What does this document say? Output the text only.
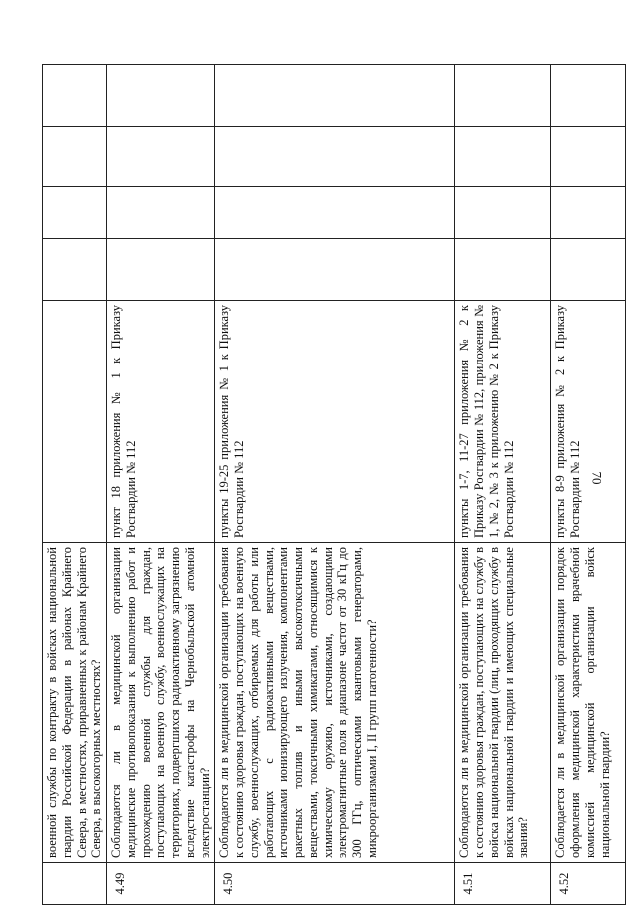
70
	военной службы по контракту в войсках национальной гвардии Российской Федерации в районах Крайнего Севера, в местностях, приравненных к районам Крайнего Севера, в высокогорных местностях?					
4.49	Соблюдаются ли в медицинской организации медицинские противопоказания к выполнению работ и прохождению военной службы для граждан, поступающих на военную службу, военнослужащих на территориях, подвергшихся радиоактивному загрязнению вследствие катастрофы на Чернобыльской атомной электростанции?	пункт 18 приложения № 1 к Приказу Росгвардии № 112				
4.50	Соблюдаются ли в медицинской организации требования к состоянию здоровья граждан, поступающих на военную службу, военнослужащих, отбираемых для работы или работающих с радиоактивными веществами, источниками ионизирующего излучения, компонентами ракетных топлив и иными высокотоксичными веществами, токсичными химикатами, относящимися к химическому оружию, источниками, создающими электромагнитные поля в диапазоне частот от 30 кГц до 300 ГГц, оптическими квантовыми генераторами, микроорганизмами I, II групп патогенности?	пункты 19-25 приложения № 1 к Приказу Росгвардии № 112				
4.51	Соблюдаются ли в медицинской организации требования к состоянию здоровья граждан, поступающих на службу в войска национальной гвардии (лиц, проходящих службу в войсках национальной гвардии и имеющих специальные звания?	пункты 1-7, 11-27 приложения № 2 к Приказу Росгвардии № 112, приложения № 1, № 2, № 3 к приложению № 2 к Приказу Росгвардии № 112				
4.52	Соблюдается ли в медицинской организации порядок оформления медицинской характеристики врачебной комиссией медицинской организации войск национальной гвардии?	пункты 8-9 приложения № 2 к Приказу Росгвардии № 112				
